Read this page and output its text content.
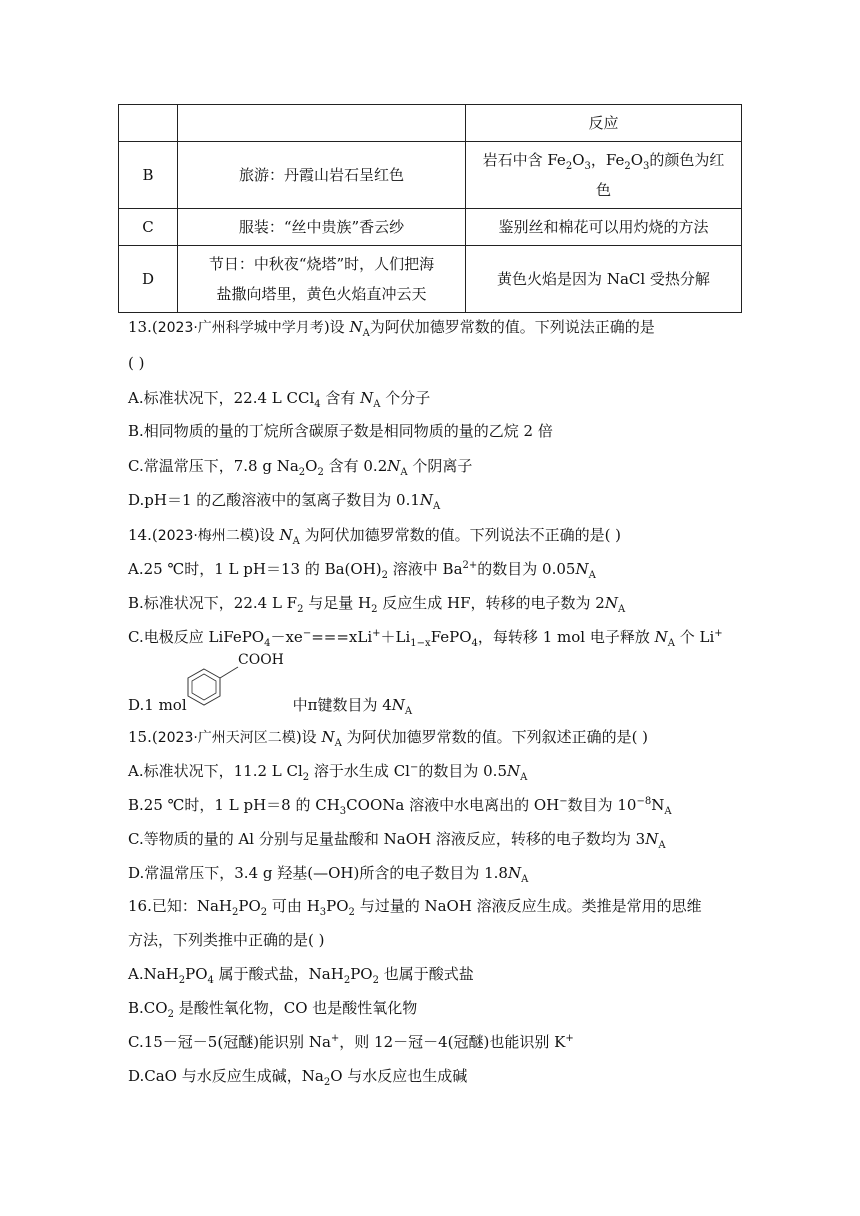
		反应
B	旅游：丹霞山岩石呈红色	岩石中含 $Fe_2O_3$，$Fe_2O_3$的颜色为红
色
C	服装：“丝中贵族”香云纱	鉴别丝和棉花可以用灼烧的方法
D	节日：中秋夜“烧塔”时，人们把海
盐撒向塔里，黄色火焰直冲云天	黄色火焰是因为 NaCl 受热分解
13.(2023·广州科学城中学月考)设 $N_A$为阿伏加德罗常数的值。下列说法正确的是
( )
A.标准状况下，22.4 L CCl$_4$ 含有 $N_A$ 个分子
B.相同物质的量的丁烷所含碳原子数是相同物质的量的乙烷 2 倍
C.常温常压下，7.8 g $Na_2O_2$ 含有 $0.2N_A$ 个阴离子
D.pH＝1 的乙酸溶液中的氢离子数目为 $0.1N_A$
14.(2023·梅州二模)设 $N_A$ 为阿伏加德罗常数的值。下列说法不正确的是( )
A.25 ℃时，1 L pH＝13 的 $Ba(OH)_2$ 溶液中 $Ba^{2+}$的数目为 $0.05N_A$
B.标准状况下，22.4 L $F_2$ 与足量 $H_2$ 反应生成 HF，转移的电子数为 $2N_A$
C.电极反应 $LiFePO_4-xe^-===xLi^++Li_{1-x}FePO_4$，每转移 1 mol 电子释放 $N_A$ 个 Li+
D.1 mol	中π键数目为 $4N_A$
COOH
15.(2023·广州天河区二模)设 $N_A$ 为阿伏加德罗常数的值。下列叙述正确的是( )
A.标准状况下，11.2 L $Cl_2$ 溶于水生成 Cl−的数目为 $0.5N_A$
B.25 ℃时，1 L pH＝8 的 $CH_3COONa$ 溶液中水电离出的 OH−数目为 $10^{-8}N_A$
C.等物质的量的 Al 分别与足量盐酸和 NaOH 溶液反应，转移的电子数均为 $3N_A$
D.常温常压下，3.4 g 羟基(—OH)所含的电子数目为 $1.8N_A$
16.已知：$NaH_2PO_2$ 可由 $H_3PO_2$ 与过量的 NaOH 溶液反应生成。类推是常用的思维
方法，下列类推中正确的是( )
$A.NaH_2PO_4$ 属于酸式盐，$NaH_2PO_2$ 也属于酸式盐
$B.CO_2$ 是酸性氧化物，CO 也是酸性氧化物
C.15－冠－5(冠醚)能识别 Na+，则 12－冠－4(冠醚)也能识别 K+
D.CaO 与水反应生成碱，$Na_2O$ 与水反应也生成碱
